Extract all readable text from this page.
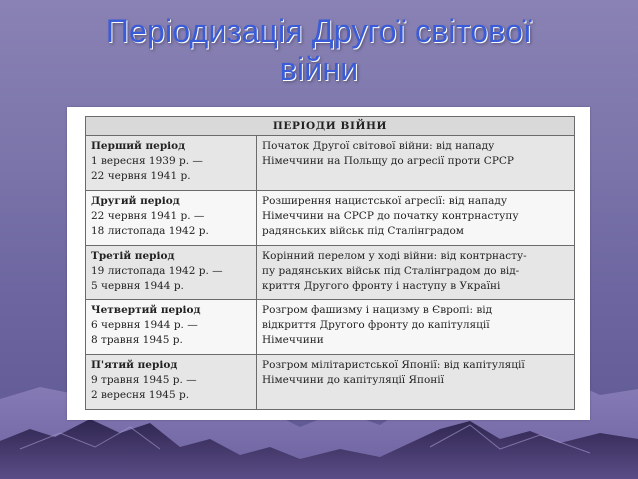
Періодизація Другої світової
війни
ПЕРІОДИ ВІЙНИ	

Перший період
1 вересня 1939 р. —
22 червня 1941 р.	Початок Другої світової війни: від нападу
Німеччини на Польщу до агресії проти СРСР

Другий період
22 червня 1941 р. —
18 листопада 1942 р.	Розширення нацистської агресії: від нападу
Німеччини на СРСР до початку контрнаступу
радянських військ під Сталінградом

Третій період
19 листопада 1942 р. —
5 червня 1944 р.	Корінний перелом у ході війни: від контрнасту-
пу радянських військ під Сталінградом до від-
криття Другого фронту і наступу в Україні

Четвертий період
6 червня 1944 р. —
8 травня 1945 р.	Розгром фашизму і нацизму в Європі: від
відкриття Другого фронту до капітуляції
Німеччини

П'ятий період
9 травня 1945 р. —
2 вересня 1945 р.	Розгром мілітаристської Японії: від капітуляції
Німеччини до капітуляції Японії
